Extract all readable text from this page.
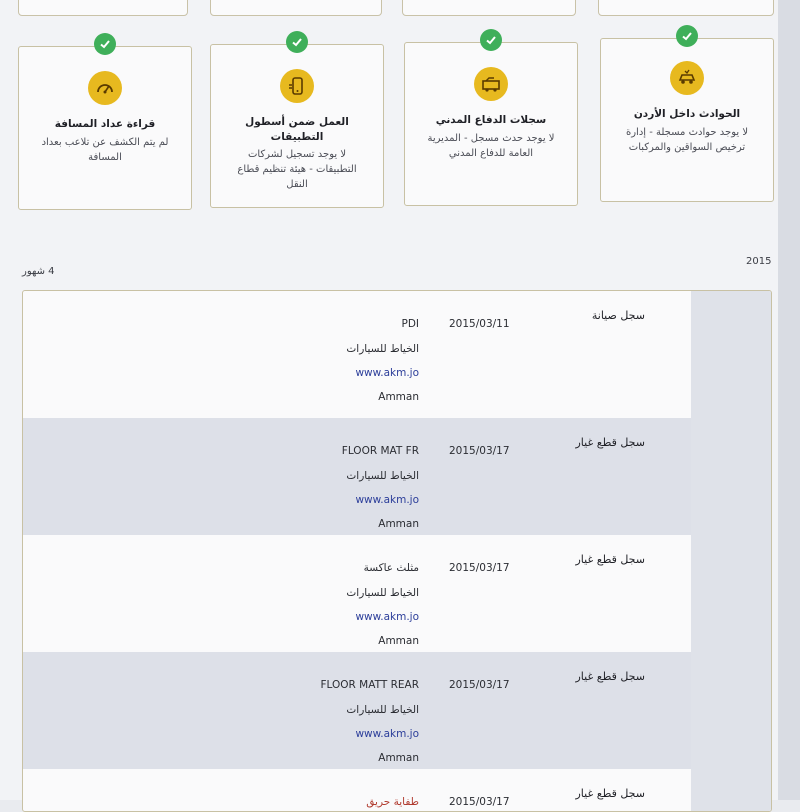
الحوادث داخل الأردن
لا يوجد حوادث مسجلة - إدارة
ترخيص السواقين والمركبات
سجلات الدفاع المدني
لا يوجد حدث مسجل - المديرية
العامة للدفاع المدني
العمل ضمن أسطول
التطبيقات
لا يوجد تسجيل لشركات
التطبيقات - هيئة تنظيم قطاع
النقل
قراءة عداد المسافة
لم يتم الكشف عن تلاعب بعداد
المسافة
4 شهور
2015
سجل صيانة
2015/03/11
PDI
الخياط للسيارات
www.akm.jo
Amman
سجل قطع غيار
2015/03/17
FLOOR MAT FR
الخياط للسيارات
www.akm.jo
Amman
سجل قطع غيار
2015/03/17
مثلث عاكسة
الخياط للسيارات
www.akm.jo
Amman
سجل قطع غيار
2015/03/17
FLOOR MATT REAR
الخياط للسيارات
www.akm.jo
Amman
سجل قطع غيار
2015/03/17
طفاية حريق
